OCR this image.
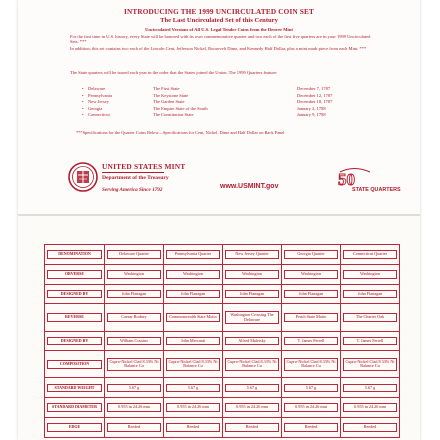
INTRODUCING THE 1999 UNCIRCULATED COIN SET
The Last Uncirculated Set of this Century
Uncirculated Versions of All U.S. Legal Tender Coins from the Denver Mint
For the first time in U.S. history, every State will be honored with its own commemorative quarter and two each of the first five quarters are in your 1999 Uncirculated Sets. ***
In addition, this set contains two each of the Lincoln Cent, Jefferson Nickel, Roosevelt Dime, and Kennedy Half Dollar, plus a mint mark piece from each Mint. ***
The State quarters will be issued each year in the order that the States joined the Union. The 1999 Quarters feature:
• Delaware	The First State	December 7, 1787
• Pennsylvania	The Keystone State	December 12, 1787
• New Jersey	The Garden State	December 18, 1787
• Georgia	The Empire State of the South	January 2, 1788
• Connecticut	The Constitution State	January 9, 1788
***Specifications for the Quarter Coins Below—Specifications for Cent, Nickel, Dime and Half Dollar on Back Panel
UNITED STATES MINT
Department of the Treasury
Serving America Since 1792	www.USMINT.gov	50
STATE QUARTERS
DENOMINATION	Delaware Quarter	Pennsylvania Quarter	New Jersey Quarter	Georgia Quarter	Connecticut Quarter

OBVERSE	Washington	Washington	Washington	Washington	Washington

DESIGNED BY	John Flanagan	John Flanagan	John Flanagan	John Flanagan	John Flanagan

REVERSE	Caesar Rodney	Commonwealth State Motto	Washington Crossing The Delaware	Peach State Motto	The Charter Oak

DESIGNED BY	William Cousins	John Mercanti	Alfred Maletsky	T. James Ferrell	T. James Ferrell

COMPOSITION	Cupro-Nickel Clad 8.33% Ni Balance Cu	Cupro-Nickel Clad 8.33% Ni Balance Cu	Cupro-Nickel Clad 8.33% Ni Balance Cu	Cupro-Nickel Clad 8.33% Ni Balance Cu	Cupro-Nickel Clad 8.33% Ni Balance Cu

STANDARD WEIGHT	5.67 g	5.67 g	5.67 g	5.67 g	5.67 g

STANDARD DIAMETER	0.955 in 24.26 mm	0.955 in 24.26 mm	0.955 in 24.26 mm	0.955 in 24.26 mm	0.955 in 24.26 mm

EDGE	Reeded	Reeded	Reeded	Reeded	Reeded
